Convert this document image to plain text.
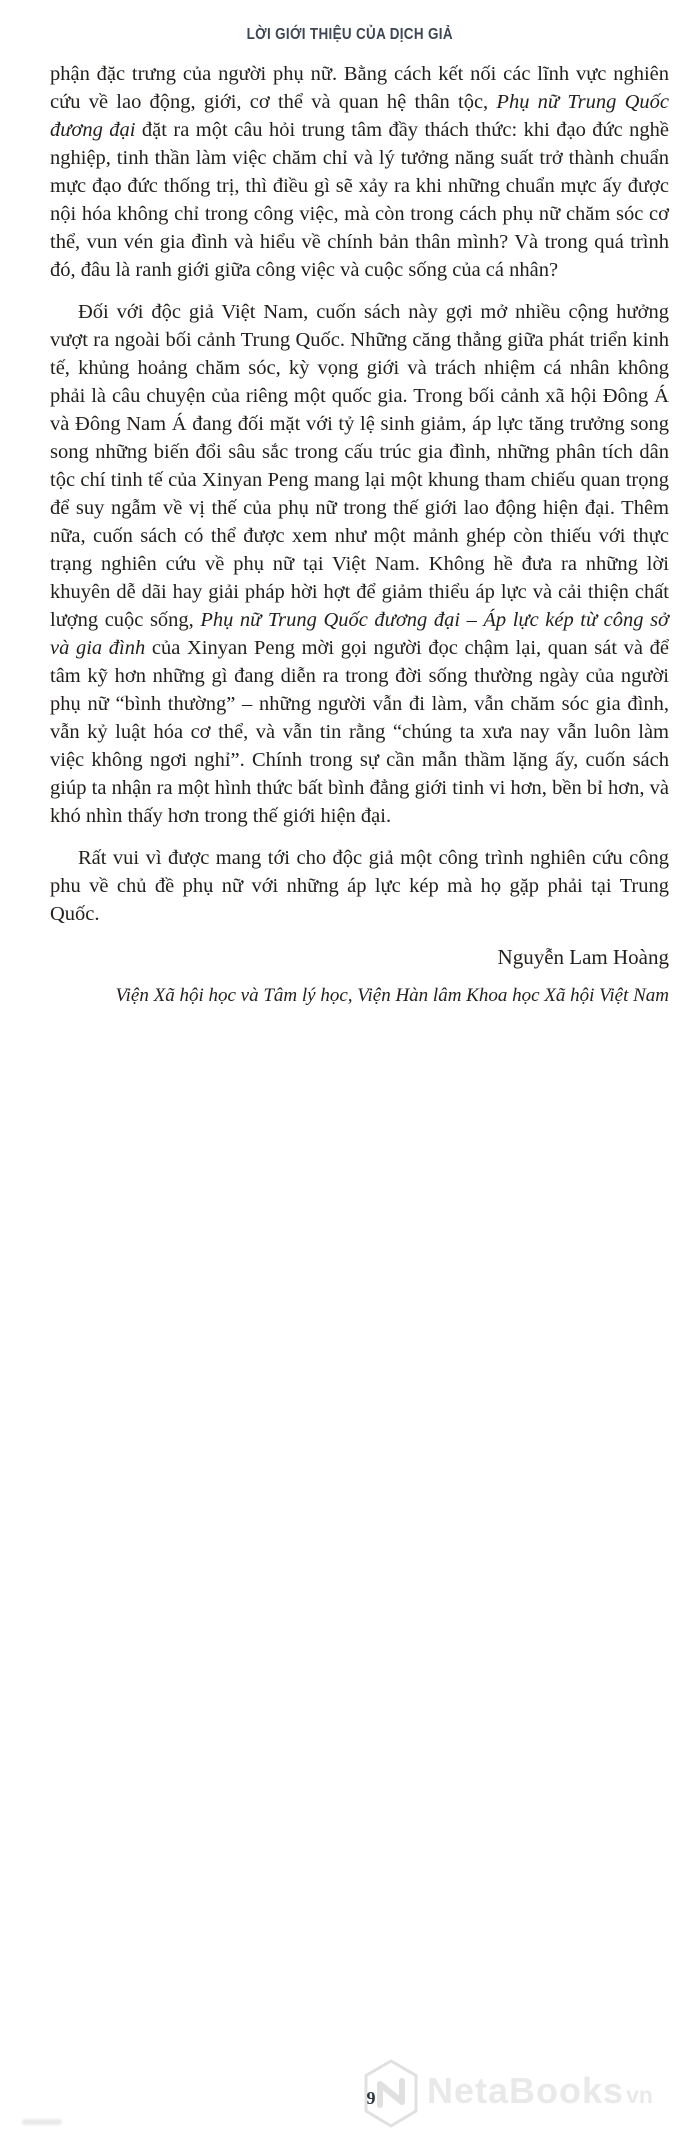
LỜI GIỚI THIỆU CỦA DỊCH GIẢ

phận đặc trưng của người phụ nữ. Bằng cách kết nối các lĩnh vực nghiên cứu về lao động, giới, cơ thể và quan hệ thân tộc, Phụ nữ Trung Quốc đương đại đặt ra một câu hỏi trung tâm đầy thách thức: khi đạo đức nghề nghiệp, tinh thần làm việc chăm chỉ và lý tưởng năng suất trở thành chuẩn mực đạo đức thống trị, thì điều gì sẽ xảy ra khi những chuẩn mực ấy được nội hóa không chỉ trong công việc, mà còn trong cách phụ nữ chăm sóc cơ thể, vun vén gia đình và hiểu về chính bản thân mình? Và trong quá trình đó, đâu là ranh giới giữa công việc và cuộc sống của cá nhân?

Đối với độc giả Việt Nam, cuốn sách này gợi mở nhiều cộng hưởng vượt ra ngoài bối cảnh Trung Quốc. Những căng thẳng giữa phát triển kinh tế, khủng hoảng chăm sóc, kỳ vọng giới và trách nhiệm cá nhân không phải là câu chuyện của riêng một quốc gia. Trong bối cảnh xã hội Đông Á và Đông Nam Á đang đối mặt với tỷ lệ sinh giảm, áp lực tăng trưởng song song những biến đổi sâu sắc trong cấu trúc gia đình, những phân tích dân tộc chí tinh tế của Xinyan Peng mang lại một khung tham chiếu quan trọng để suy ngẫm về vị thế của phụ nữ trong thế giới lao động hiện đại. Thêm nữa, cuốn sách có thể được xem như một mảnh ghép còn thiếu với thực trạng nghiên cứu về phụ nữ tại Việt Nam. Không hề đưa ra những lời khuyên dễ dãi hay giải pháp hời hợt để giảm thiểu áp lực và cải thiện chất lượng cuộc sống, Phụ nữ Trung Quốc đương đại – Áp lực kép từ công sở và gia đình của Xinyan Peng mời gọi người đọc chậm lại, quan sát và để tâm kỹ hơn những gì đang diễn ra trong đời sống thường ngày của người phụ nữ “bình thường” – những người vẫn đi làm, vẫn chăm sóc gia đình, vẫn kỷ luật hóa cơ thể, và vẫn tin rằng “chúng ta xưa nay vẫn luôn làm việc không ngơi nghỉ”. Chính trong sự cần mẫn thầm lặng ấy, cuốn sách giúp ta nhận ra một hình thức bất bình đẳng giới tinh vi hơn, bền bỉ hơn, và khó nhìn thấy hơn trong thế giới hiện đại.

Rất vui vì được mang tới cho độc giả một công trình nghiên cứu công phu về chủ đề phụ nữ với những áp lực kép mà họ gặp phải tại Trung Quốc.

Nguyễn Lam Hoàng
Viện Xã hội học và Tâm lý học, Viện Hàn lâm Khoa học Xã hội Việt Nam
9 NetaBooksvn
